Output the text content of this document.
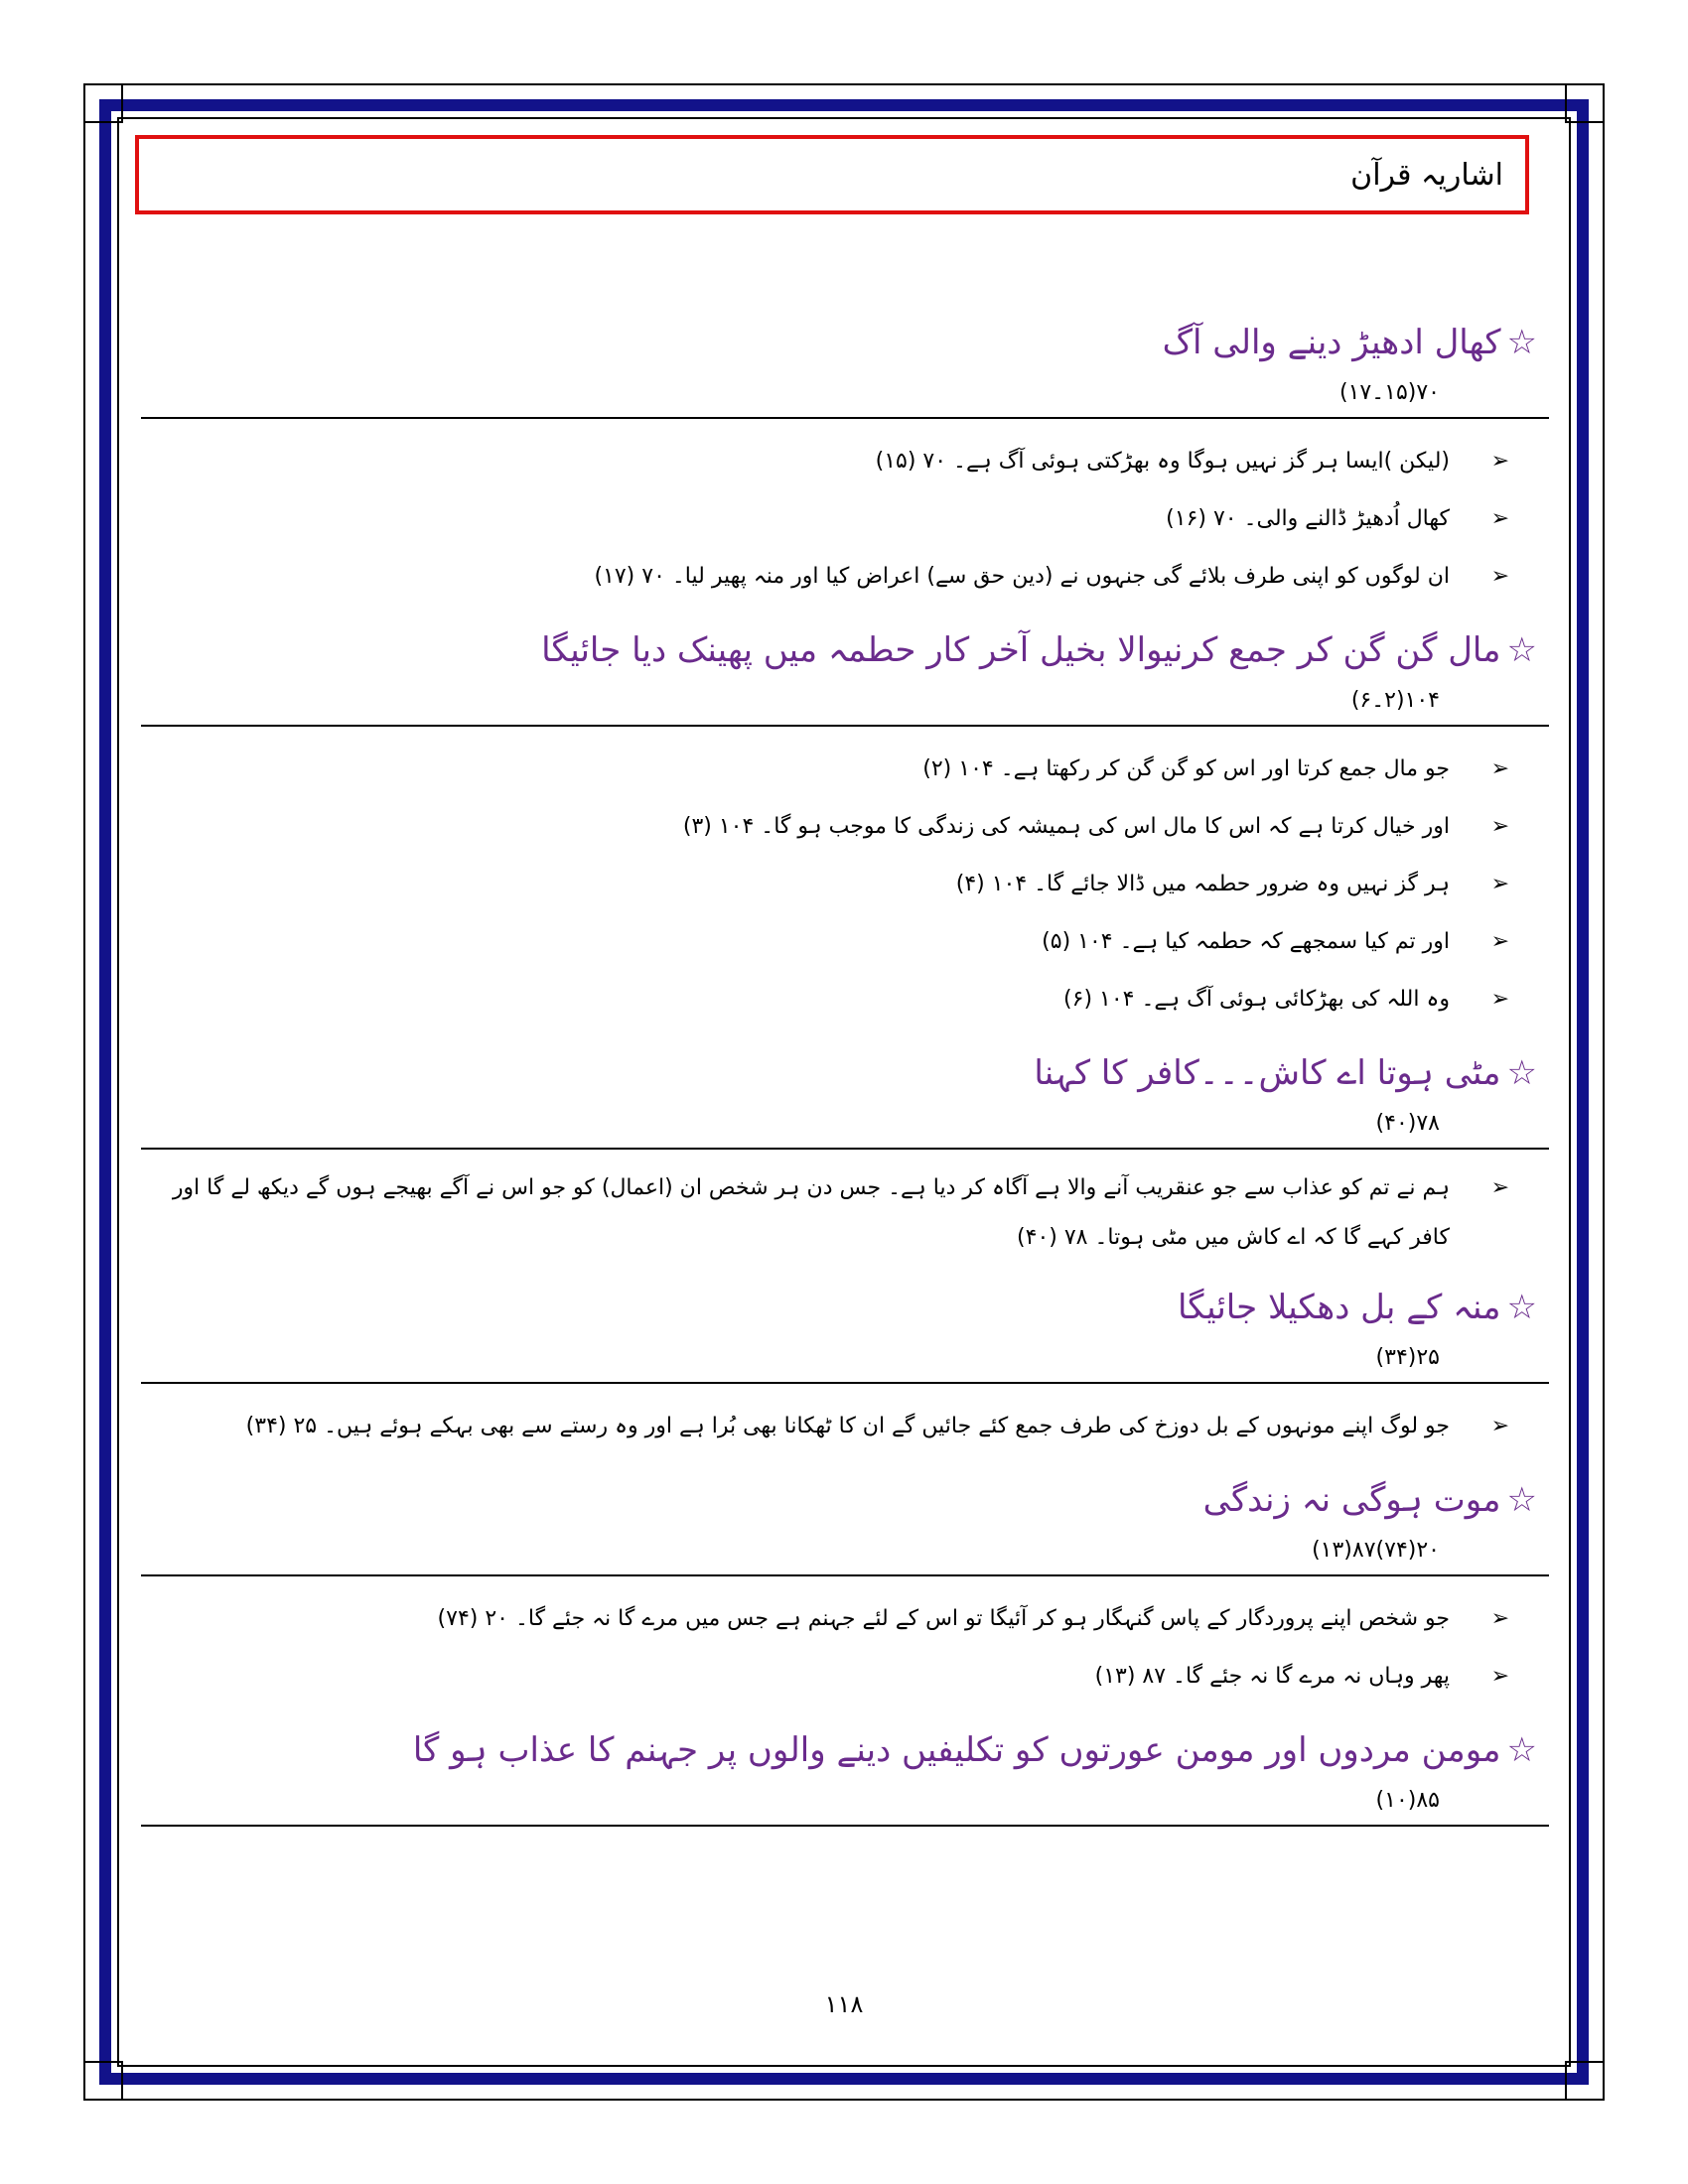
اشاریہ قرآن
☆کھال ادھیڑ دینے والی آگ
۷۰(۱۵۔۱۷)
➢
(لیکن )ایسا ہر گز نہیں ہوگا وہ بھڑکتی ہوئی آگ ہے۔ ۷۰ (۱۵)
➢
کھال اُدھیڑ ڈالنے والی۔ ۷۰ (۱۶)
➢
ان لوگوں کو اپنی طرف بلائے گی جنہوں نے (دین حق سے) اعراض کیا اور منہ پھیر لیا۔ ۷۰ (۱۷)
☆مال گن گن کر جمع کرنیوالا بخیل آخر کار حطمہ میں پھینک دیا جائیگا
۱۰۴(۲۔۶)
➢
جو مال جمع کرتا اور اس کو گن گن کر رکھتا ہے۔ ۱۰۴ (۲)
➢
اور خیال کرتا ہے کہ اس کا مال اس کی ہمیشہ کی زندگی کا موجب ہو گا۔ ۱۰۴ (۳)
➢
ہر گز نہیں وہ ضرور حطمہ میں ڈالا جائے گا۔ ۱۰۴ (۴)
➢
اور تم کیا سمجھے کہ حطمہ کیا ہے۔ ۱۰۴ (۵)
➢
وہ اللہ کی بھڑکائی ہوئی آگ ہے۔ ۱۰۴ (۶)
☆مٹی ہوتا اے کاش۔۔۔کافر کا کہنا
۷۸(۴۰)
➢
ہم نے تم کو عذاب سے جو عنقریب آنے والا ہے آگاہ کر دیا ہے۔ جس دن ہر شخص ان (اعمال) کو جو اس نے آگے بھیجے ہوں گے دیکھ لے گا اور کافر کہے گا کہ اے کاش میں مٹی ہوتا۔ ۷۸ (۴۰)
☆منہ کے بل دھکیلا جائیگا
۲۵(۳۴)
➢
جو لوگ اپنے مونہوں کے بل دوزخ کی طرف جمع کئے جائیں گے ان کا ٹھکانا بھی بُرا ہے اور وہ رستے سے بھی بہکے ہوئے ہیں۔ ۲۵ (۳۴)
☆موت ہوگی نہ زندگی
۲۰(۷۴)۸۷(۱۳)
➢
جو شخص اپنے پروردگار کے پاس گنہگار ہو کر آئیگا تو اس کے لئے جہنم ہے جس میں مرے گا نہ جئے گا۔ ۲۰ (۷۴)
➢
پھر وہاں نہ مرے گا نہ جئے گا۔ ۸۷ (۱۳)
☆مومن مردوں اور مومن عورتوں کو تکلیفیں دینے والوں پر جہنم کا عذاب ہو گا
۸۵(۱۰)
۱۱۸
